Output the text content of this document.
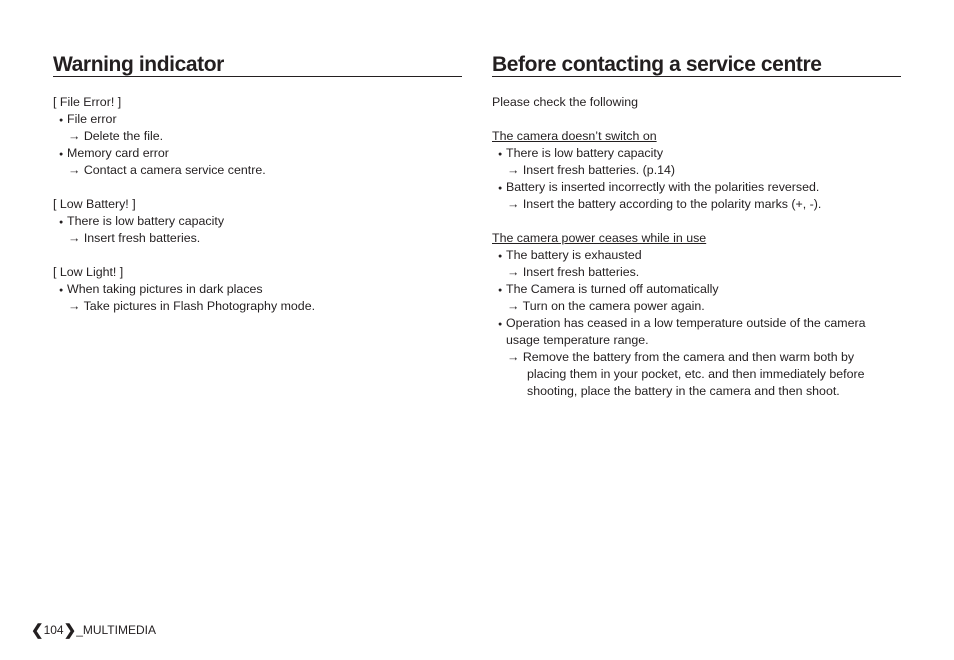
Warning indicator
[ File Error! ]
● File error
→ Delete the file.
● Memory card error
→ Contact a camera service centre.
[ Low Battery! ]
● There is low battery capacity
→ Insert fresh batteries.
[ Low Light! ]
● When taking pictures in dark places
→ Take pictures in Flash Photography mode.
Before contacting a service centre
Please check the following
The camera doesn’t switch on
● There is low battery capacity
→ Insert fresh batteries. (p.14)
● Battery is inserted incorrectly with the polarities reversed.
→ Insert the battery according to the polarity marks (+, -).
The camera power ceases while in use
● The battery is exhausted
→ Insert fresh batteries.
● The Camera is turned off automatically
→ Turn on the camera power again.
● Operation has ceased in a low temperature outside of the camera
usage temperature range.
→ Remove the battery from the camera and then warm both by
placing them in your pocket, etc. and then immediately before
shooting, place the battery in the camera and then shoot.
❮104❯_MULTIMEDIA
